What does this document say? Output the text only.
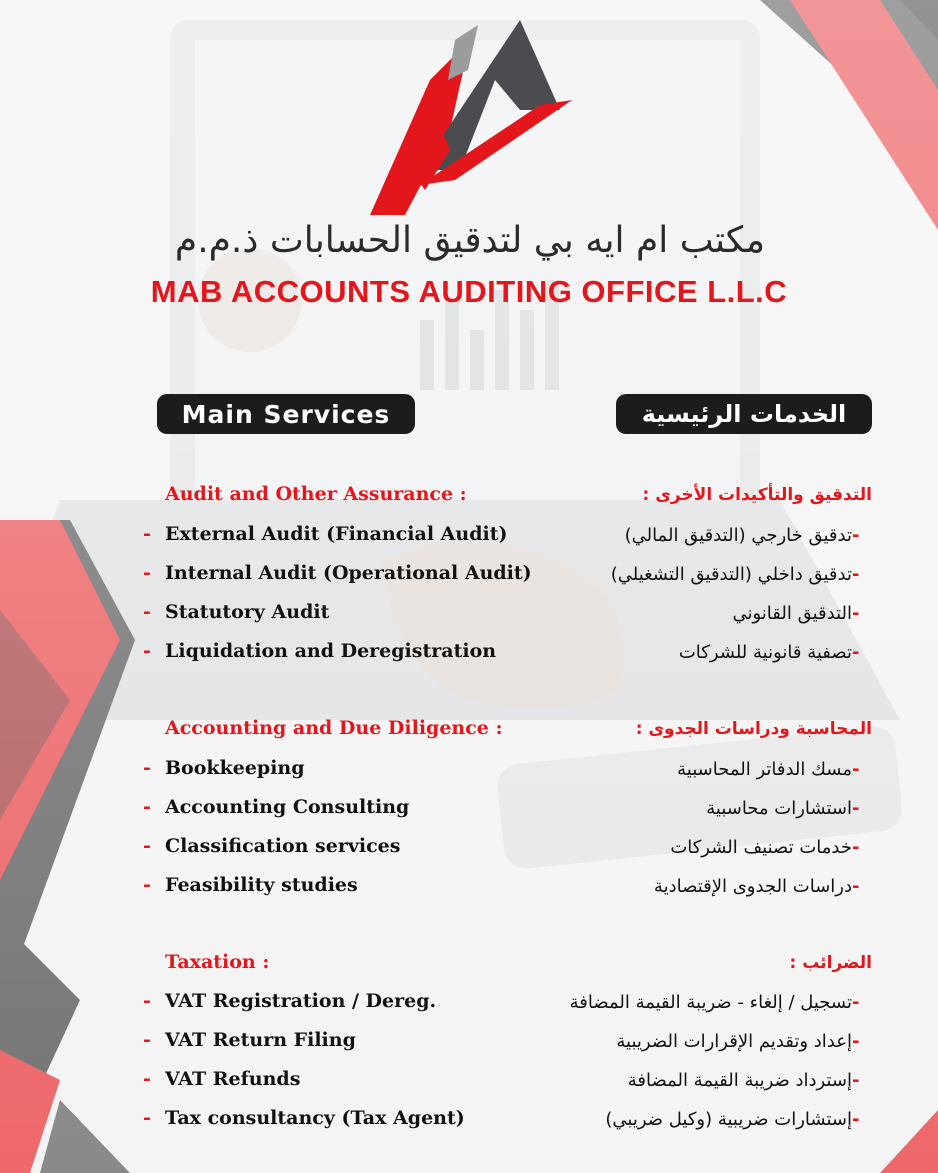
مكتب ام ايه بي لتدقيق الحسابات ذ.م.م
MAB ACCOUNTS AUDITING OFFICE L.L.C
Main Services	الخدمات الرئيسية
Audit and Other Assurance :
- External Audit (Financial Audit)
- Internal Audit (Operational Audit)
- Statutory Audit
- Liquidation and Deregistration
Accounting and Due Diligence :
- Bookkeeping
- Accounting Consulting
- Classification services
- Feasibility studies
Taxation :
- VAT Registration / Dereg.
- VAT Return Filing
- VAT Refunds
- Tax consultancy (Tax Agent)
التدقيق والتأكيدات الأخرى :
-تدقيق خارجي (التدقيق المالي)
-تدقيق داخلي (التدقيق التشغيلي)
-التدقيق القانوني
-تصفية قانونية للشركات
المحاسبة ودراسات الجدوى :
-مسك الدفاتر المحاسبية
-استشارات محاسبية
-خدمات تصنيف الشركات
-دراسات الجدوى الإقتصادية
الضرائب :
-تسجيل / إلغاء - ضريبة القيمة المضافة
-إعداد وتقديم الإقرارات الضريبية
-إسترداد ضريبة القيمة المضافة
-إستشارات ضريبية (وكيل ضريبي)
